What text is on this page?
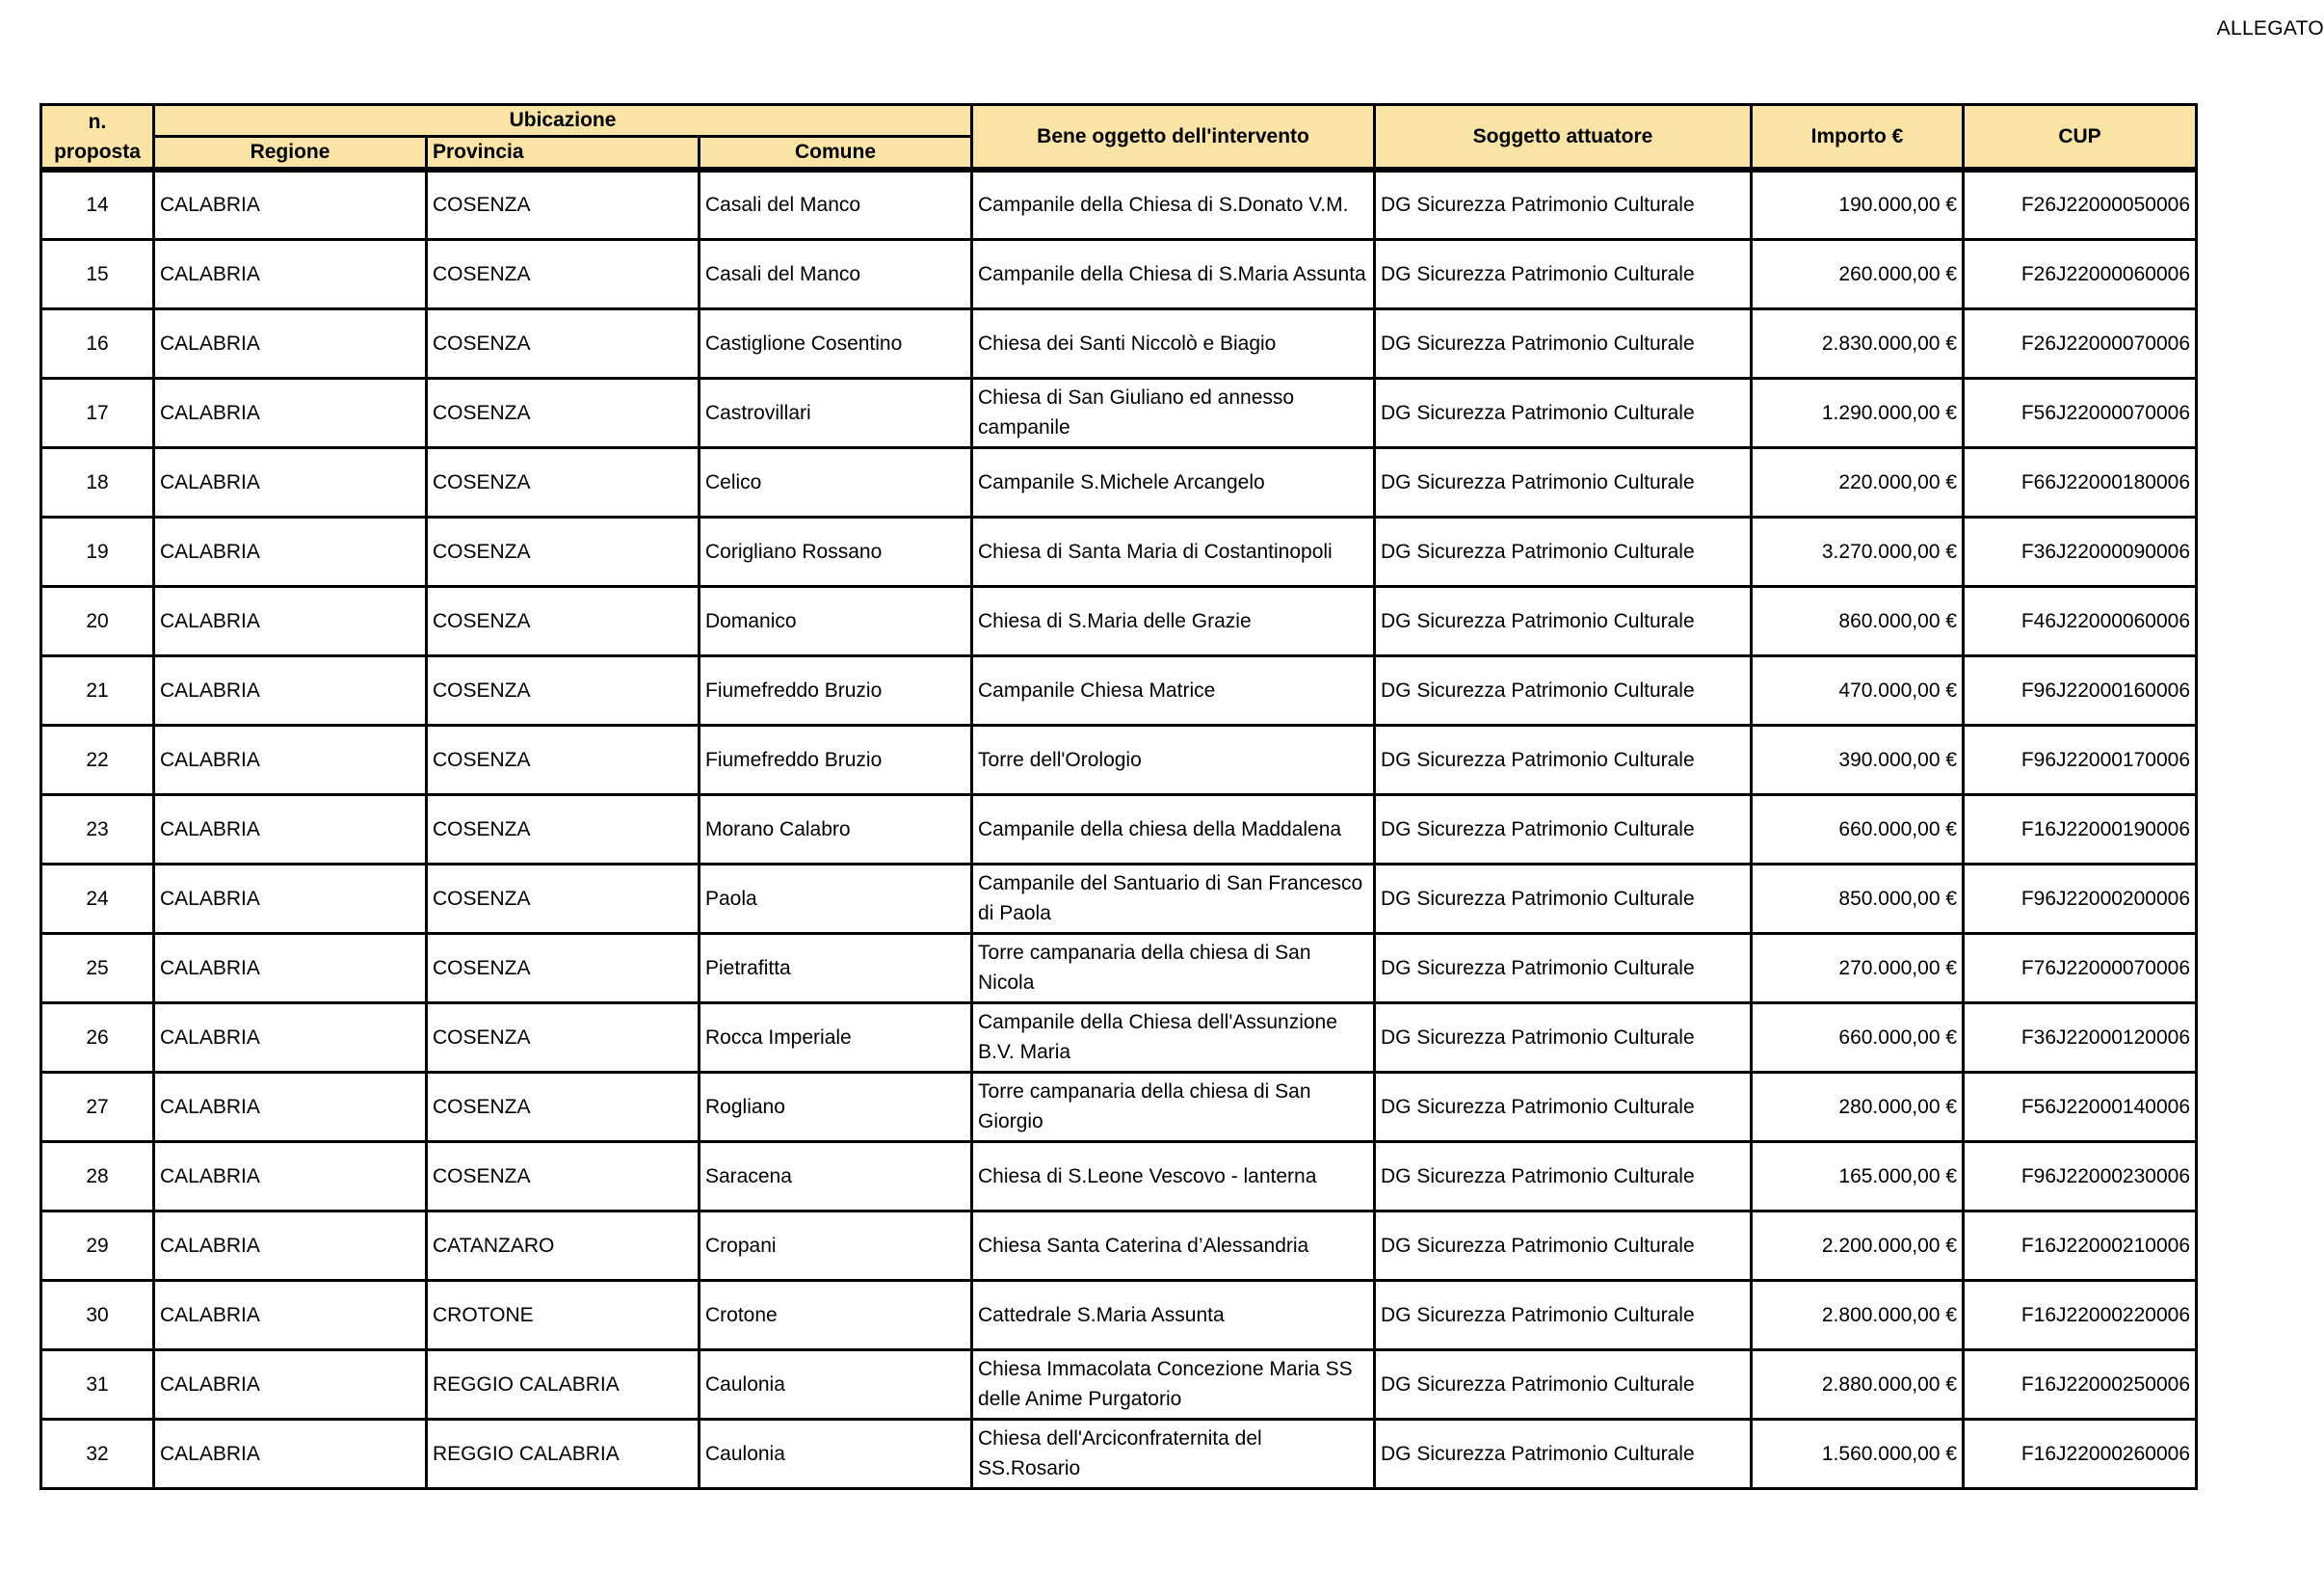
ALLEGATO
n. proposta	Ubicazione			Bene oggetto dell'intervento	Soggetto attuatore	Importo €	CUP
	Regione	Provincia	Comune				
14	CALABRIA	COSENZA	Casali del Manco	Campanile della Chiesa di S.Donato V.M.	DG Sicurezza Patrimonio Culturale	190.000,00 €	F26J22000050006
15	CALABRIA	COSENZA	Casali del Manco	Campanile della Chiesa di S.Maria Assunta	DG Sicurezza Patrimonio Culturale	260.000,00 €	F26J22000060006
16	CALABRIA	COSENZA	Castiglione Cosentino	Chiesa dei Santi Niccolò e Biagio	DG Sicurezza Patrimonio Culturale	2.830.000,00 €	F26J22000070006
17	CALABRIA	COSENZA	Castrovillari	Chiesa di San Giuliano ed annesso campanile	DG Sicurezza Patrimonio Culturale	1.290.000,00 €	F56J22000070006
18	CALABRIA	COSENZA	Celico	Campanile S.Michele Arcangelo	DG Sicurezza Patrimonio Culturale	220.000,00 €	F66J22000180006
19	CALABRIA	COSENZA	Corigliano Rossano	Chiesa di Santa Maria di Costantinopoli	DG Sicurezza Patrimonio Culturale	3.270.000,00 €	F36J22000090006
20	CALABRIA	COSENZA	Domanico	Chiesa di S.Maria delle Grazie	DG Sicurezza Patrimonio Culturale	860.000,00 €	F46J22000060006
21	CALABRIA	COSENZA	Fiumefreddo Bruzio	Campanile Chiesa Matrice	DG Sicurezza Patrimonio Culturale	470.000,00 €	F96J22000160006
22	CALABRIA	COSENZA	Fiumefreddo Bruzio	Torre dell'Orologio	DG Sicurezza Patrimonio Culturale	390.000,00 €	F96J22000170006
23	CALABRIA	COSENZA	Morano Calabro	Campanile della chiesa della Maddalena	DG Sicurezza Patrimonio Culturale	660.000,00 €	F16J22000190006
24	CALABRIA	COSENZA	Paola	Campanile del Santuario di San Francesco di Paola	DG Sicurezza Patrimonio Culturale	850.000,00 €	F96J22000200006
25	CALABRIA	COSENZA	Pietrafitta	Torre campanaria della chiesa di San Nicola	DG Sicurezza Patrimonio Culturale	270.000,00 €	F76J22000070006
26	CALABRIA	COSENZA	Rocca Imperiale	Campanile della Chiesa dell'Assunzione B.V. Maria	DG Sicurezza Patrimonio Culturale	660.000,00 €	F36J22000120006
27	CALABRIA	COSENZA	Rogliano	Torre campanaria della chiesa di San Giorgio	DG Sicurezza Patrimonio Culturale	280.000,00 €	F56J22000140006
28	CALABRIA	COSENZA	Saracena	Chiesa di S.Leone Vescovo - lanterna	DG Sicurezza Patrimonio Culturale	165.000,00 €	F96J22000230006
29	CALABRIA	CATANZARO	Cropani	Chiesa Santa Caterina d’Alessandria	DG Sicurezza Patrimonio Culturale	2.200.000,00 €	F16J22000210006
30	CALABRIA	CROTONE	Crotone	Cattedrale S.Maria Assunta	DG Sicurezza Patrimonio Culturale	2.800.000,00 €	F16J22000220006
31	CALABRIA	REGGIO CALABRIA	Caulonia	Chiesa Immacolata Concezione Maria SS delle Anime Purgatorio	DG Sicurezza Patrimonio Culturale	2.880.000,00 €	F16J22000250006
32	CALABRIA	REGGIO CALABRIA	Caulonia	Chiesa dell'Arciconfraternita del SS.Rosario	DG Sicurezza Patrimonio Culturale	1.560.000,00 €	F16J22000260006
